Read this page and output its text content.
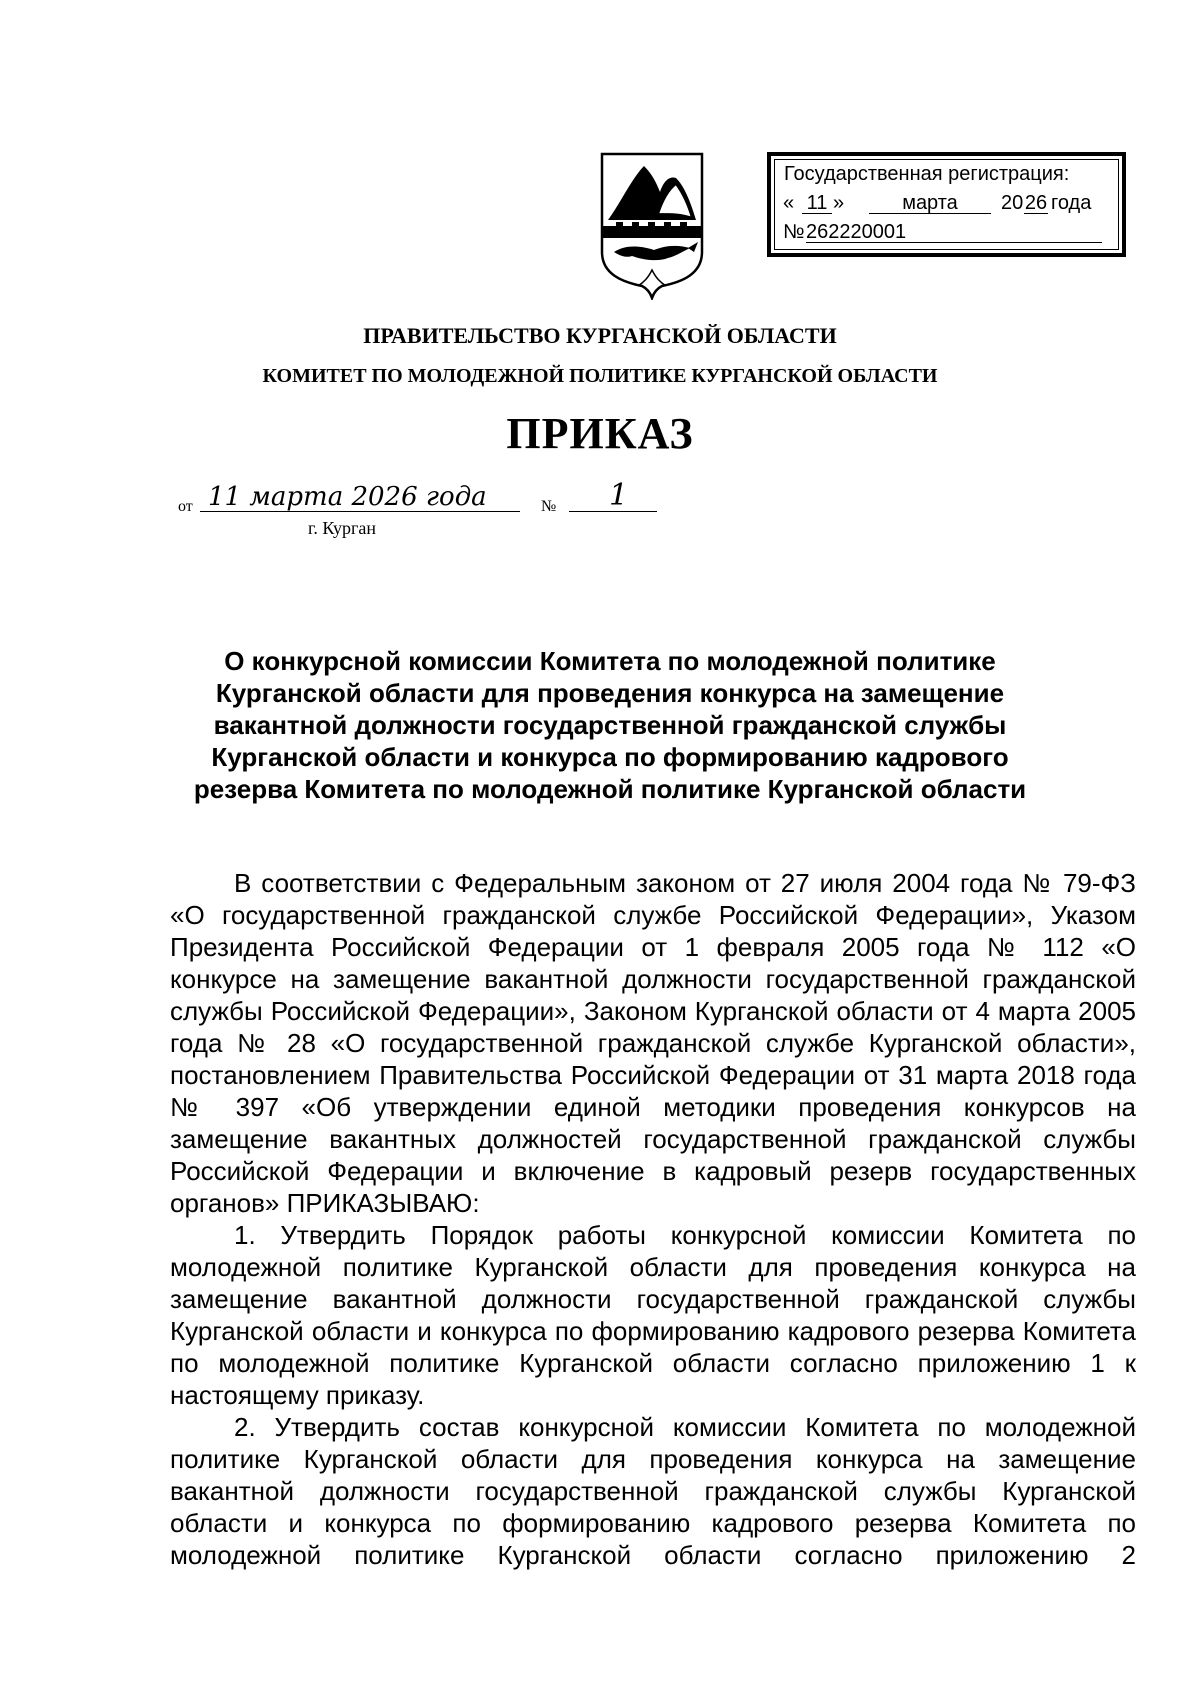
Государственная регистрация:
« 11 »	марта	20 26 года
№ 262220001
ПРАВИТЕЛЬСТВО КУРГАНСКОЙ ОБЛАСТИ
КОМИТЕТ ПО МОЛОДЕЖНОЙ ПОЛИТИКЕ КУРГАНСКОЙ ОБЛАСТИ
ПРИКАЗ
от 11 марта 2026 года	№	1
г. Курган
О конкурсной комиссии Комитета по молодежной политике Курганской области для проведения конкурса на замещение вакантной должности государственной гражданской службы Курганской области и конкурса по формированию кадрового резерва Комитета по молодежной политике Курганской области

В соответствии с Федеральным законом от 27 июля 2004 года № 79-ФЗ «О государственной гражданской службе Российской Федерации», Указом Президента Российской Федерации от 1 февраля 2005 года № 112 «О конкурсе на замещение вакантной должности государственной гражданской службы Российской Федерации», Законом Курганской области от 4 марта 2005 года № 28 «О государственной гражданской службе Курганской области», постановлением Правительства Российской Федерации от 31 марта 2018 года № 397 «Об утверждении единой методики проведения конкурсов на замещение вакантных должностей государственной гражданской службы Российской Федерации и включение в кадровый резерв государственных органов» ПРИКАЗЫВАЮ:

1. Утвердить Порядок работы конкурсной комиссии Комитета по молодежной политике Курганской области для проведения конкурса на замещение вакантной должности государственной гражданской службы Курганской области и конкурса по формированию кадрового резерва Комитета по молодежной политике Курганской области согласно приложению 1 к настоящему приказу.

2. Утвердить состав конкурсной комиссии Комитета по молодежной политике Курганской области для проведения конкурса на замещение вакантной должности государственной гражданской службы Курганской области и конкурса по формированию кадрового резерва Комитета по молодежной политике Курганской области согласно приложению 2
